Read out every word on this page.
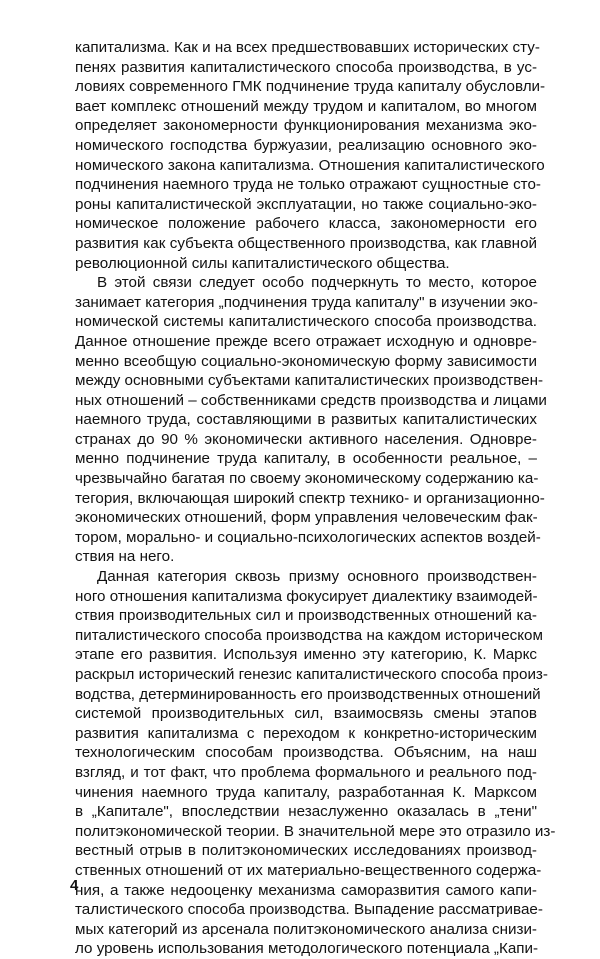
капитализма. Как и на всех предшествовавших исторических сту-
пенях развития капиталистического способа производства, в ус-
ловиях современного ГМК подчинение труда капиталу обусловли-
вает комплекс отношений между трудом и капиталом, во многом
определяет закономерности функционирования механизма эко-
номического господства буржуазии, реализацию основного эко-
номического закона капитализма. Отношения капиталистического
подчинения наемного труда не только отражают сущностные сто-
роны капиталистической эксплуатации, но также социально-эко-
номическое положение рабочего класса, закономерности его
развития как субъекта общественного производства, как главной
революционной силы капиталистического общества.
В этой связи следует особо подчеркнуть то место, которое
занимает категория „подчинения труда капиталу" в изучении эко-
номической системы капиталистического способа производства.
Данное отношение прежде всего отражает исходную и одновре-
менно всеобщую социально-экономическую форму зависимости
между основными субъектами капиталистических производствен-
ных отношений – собственниками средств производства и лицами
наемного труда, составляющими в развитых капиталистических
странах до 90 % экономически активного населения. Одновре-
менно подчинение труда капиталу, в особенности реальное, –
чрезвычайно багатая по своему экономическому содержанию ка-
тегория, включающая широкий спектр технико- и организационно-
экономических отношений, форм управления человеческим фак-
тором, морально- и социально-психологических аспектов воздей-
ствия на него.
Данная категория сквозь призму основного производствен-
ного отношения капитализма фокусирует диалектику взаимодей-
ствия производительных сил и производственных отношений ка-
питалистического способа производства на каждом историческом
этапе его развития. Используя именно эту категорию, К. Маркс
раскрыл исторический генезис капиталистического способа произ-
водства, детерминированность его производственных отношений
системой производительных сил, взаимосвязь смены этапов
развития капитализма с переходом к конкретно-историческим
технологическим способам производства. Объясним, на наш
взгляд, и тот факт, что проблема формального и реального под-
чинения наемного труда капиталу, разработанная К. Марксом
в „Капитале", впоследствии незаслуженно оказалась в „тени"
политэкономической теории. В значительной мере это отразило из-
вестный отрыв в политэкономических исследованиях производ-
ственных отношений от их материально-вещественного содержа-
ния, а также недооценку механизма саморазвития самого капи-
талистического способа производства. Выпадение рассматривае-
мых категорий из арсенала политэкономического анализа снизи-
ло уровень использования методологического потенциала „Капи-
4
